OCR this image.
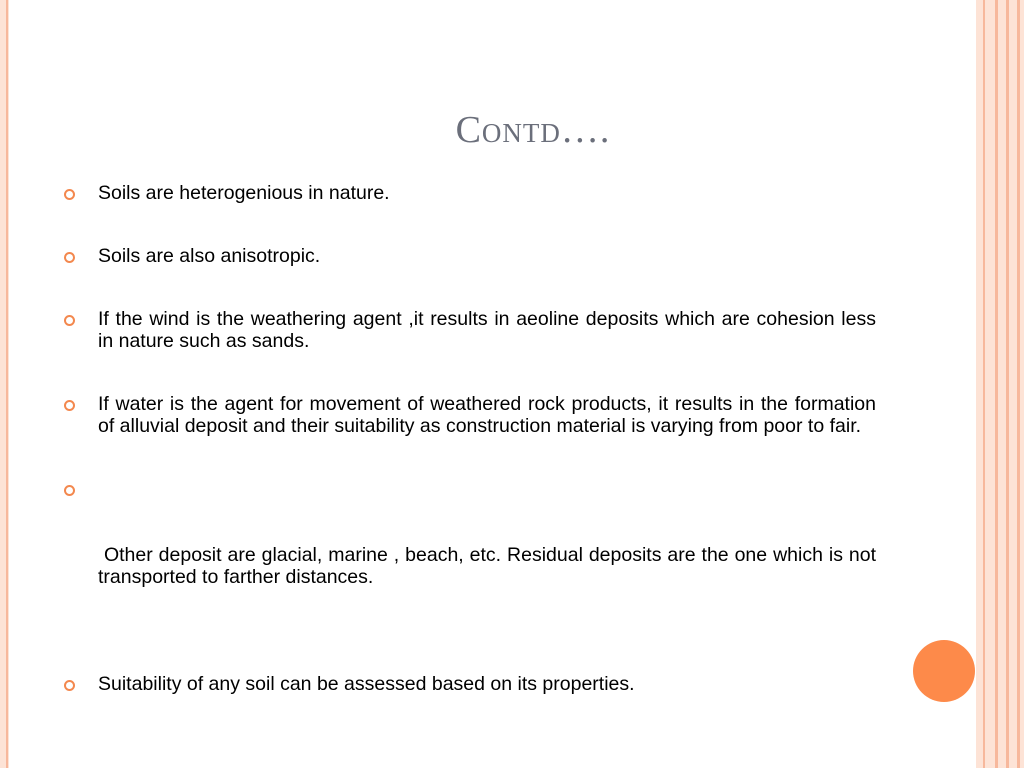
Contd….
Soils are heterogenious in nature.
Soils are also anisotropic.
If the wind is the weathering agent ,it results in aeoline deposits which are cohesion less in nature such as sands.
If water is the agent for movement of weathered rock products, it results in the formation of alluvial deposit and their suitability as construction material is varying from poor to fair.

Other deposit are glacial, marine , beach, etc. Residual deposits are the one which is not transported to farther distances.

Suitability of any soil can be assessed based on its properties.
